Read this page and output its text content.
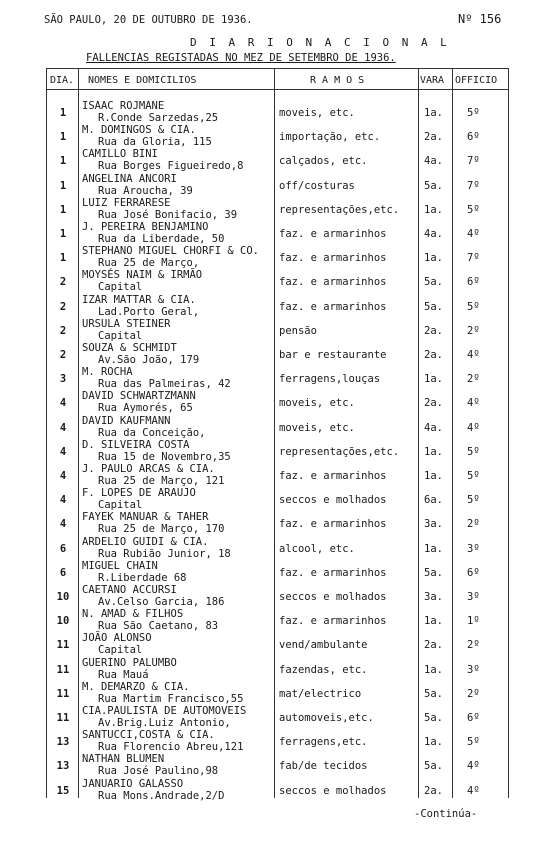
SÃO PAULO, 20 DE OUTUBRO DE 1936.	Nº 156
D I A R I O N A C I O N A L
FALLENCIAS REGISTADAS NO MEZ DE SETEMBRO DE 1936.
DIA. NOMES E DOMICILIOS	R A M O S	VARA OFFICIO
1
ISAAC ROJMANE
R.Conde Sarzedas,25	moveis, etc.	1a. 5º
1
M. DOMINGOS & CIA.
Rua da Gloria, 115	importação, etc.	2a. 6º
1
CAMILLO BINI
Rua Borges Figueiredo,8	calçados, etc.	4a. 7º
1
ANGELINA ANCORI
Rua Aroucha, 39	off/costuras	5a. 7º
1
LUIZ FERRARESE
Rua José Bonifacio, 39	representações,etc. 1a. 5º
1
J. PEREIRA BENJAMINO
Rua da Liberdade, 50	faz. e armarinhos	4a. 4º
1
STEPHANO MIGUEL CHORFI & CO.
Rua 25 de Março,	faz. e armarinhos	1a. 7º
2
MOYSÉS NAIM & IRMÃO
Capital	faz. e armarinhos	5a. 6º
2
IZAR MATTAR & CIA.
Lad.Porto Geral,	faz. e armarinhos	5a. 5º
2
URSULA STEINER
Capital	pensão	2a. 2º
2
SOUZA & SCHMIDT
Av.São João, 179	bar e restaurante	2a. 4º
3
M. ROCHA
Rua das Palmeiras, 42	ferragens,louças	1a. 2º
4
DAVID SCHWARTZMANN
Rua Aymorés, 65	moveis, etc.	2a. 4º
4
DAVID KAUFMANN
Rua da Conceição,	moveis, etc.	4a. 4º
4
D. SILVEIRA COSTA
Rua 15 de Novembro,35	representações,etc. 1a. 5º
4
J. PAULO ARCAS & CIA.
Rua 25 de Março, 121	faz. e armarinhos	1a. 5º
4
F. LOPES DE ARAUJO
Capital	seccos e molhados	6a. 5º
4
FAYEK MANUAR & TAHER
Rua 25 de Março, 170	faz. e armarinhos	3a. 2º
6
ARDELIO GUIDI & CIA.
Rua Rubião Junior, 18	alcool, etc.	1a. 3º
6
MIGUEL CHAIN
R.Liberdade 68	faz. e armarinhos	5a. 6º
10
CAETANO ACCURSI
Av.Celso Garcia, 186	seccos e molhados	3a. 3º
10
N. AMAD & FILHOS
Rua São Caetano, 83	faz. e armarinhos	1a. 1º
11
JOÃO ALONSO
Capital	vend/ambulante	2a. 2º
11
GUERINO PALUMBO
Rua Mauá	fazendas, etc.	1a. 3º
11
M. DEMARZO & CIA.
Rua Martim Francisco,55	mat/electrico	5a. 2º
11
CIA.PAULISTA DE AUTOMOVEIS
Av.Brig.Luiz Antonio,	automoveis,etc.	5a. 6º
13
SANTUCCI,COSTA & CIA.
Rua Florencio Abreu,121	ferragens,etc.	1a. 5º
13
NATHAN BLUMEN
Rua José Paulino,98	fab/de tecidos	5a. 4º
15
JANUARIO GALASSO
Rua Mons.Andrade,2/D	seccos e molhados	2a. 4º
-Continúa-
